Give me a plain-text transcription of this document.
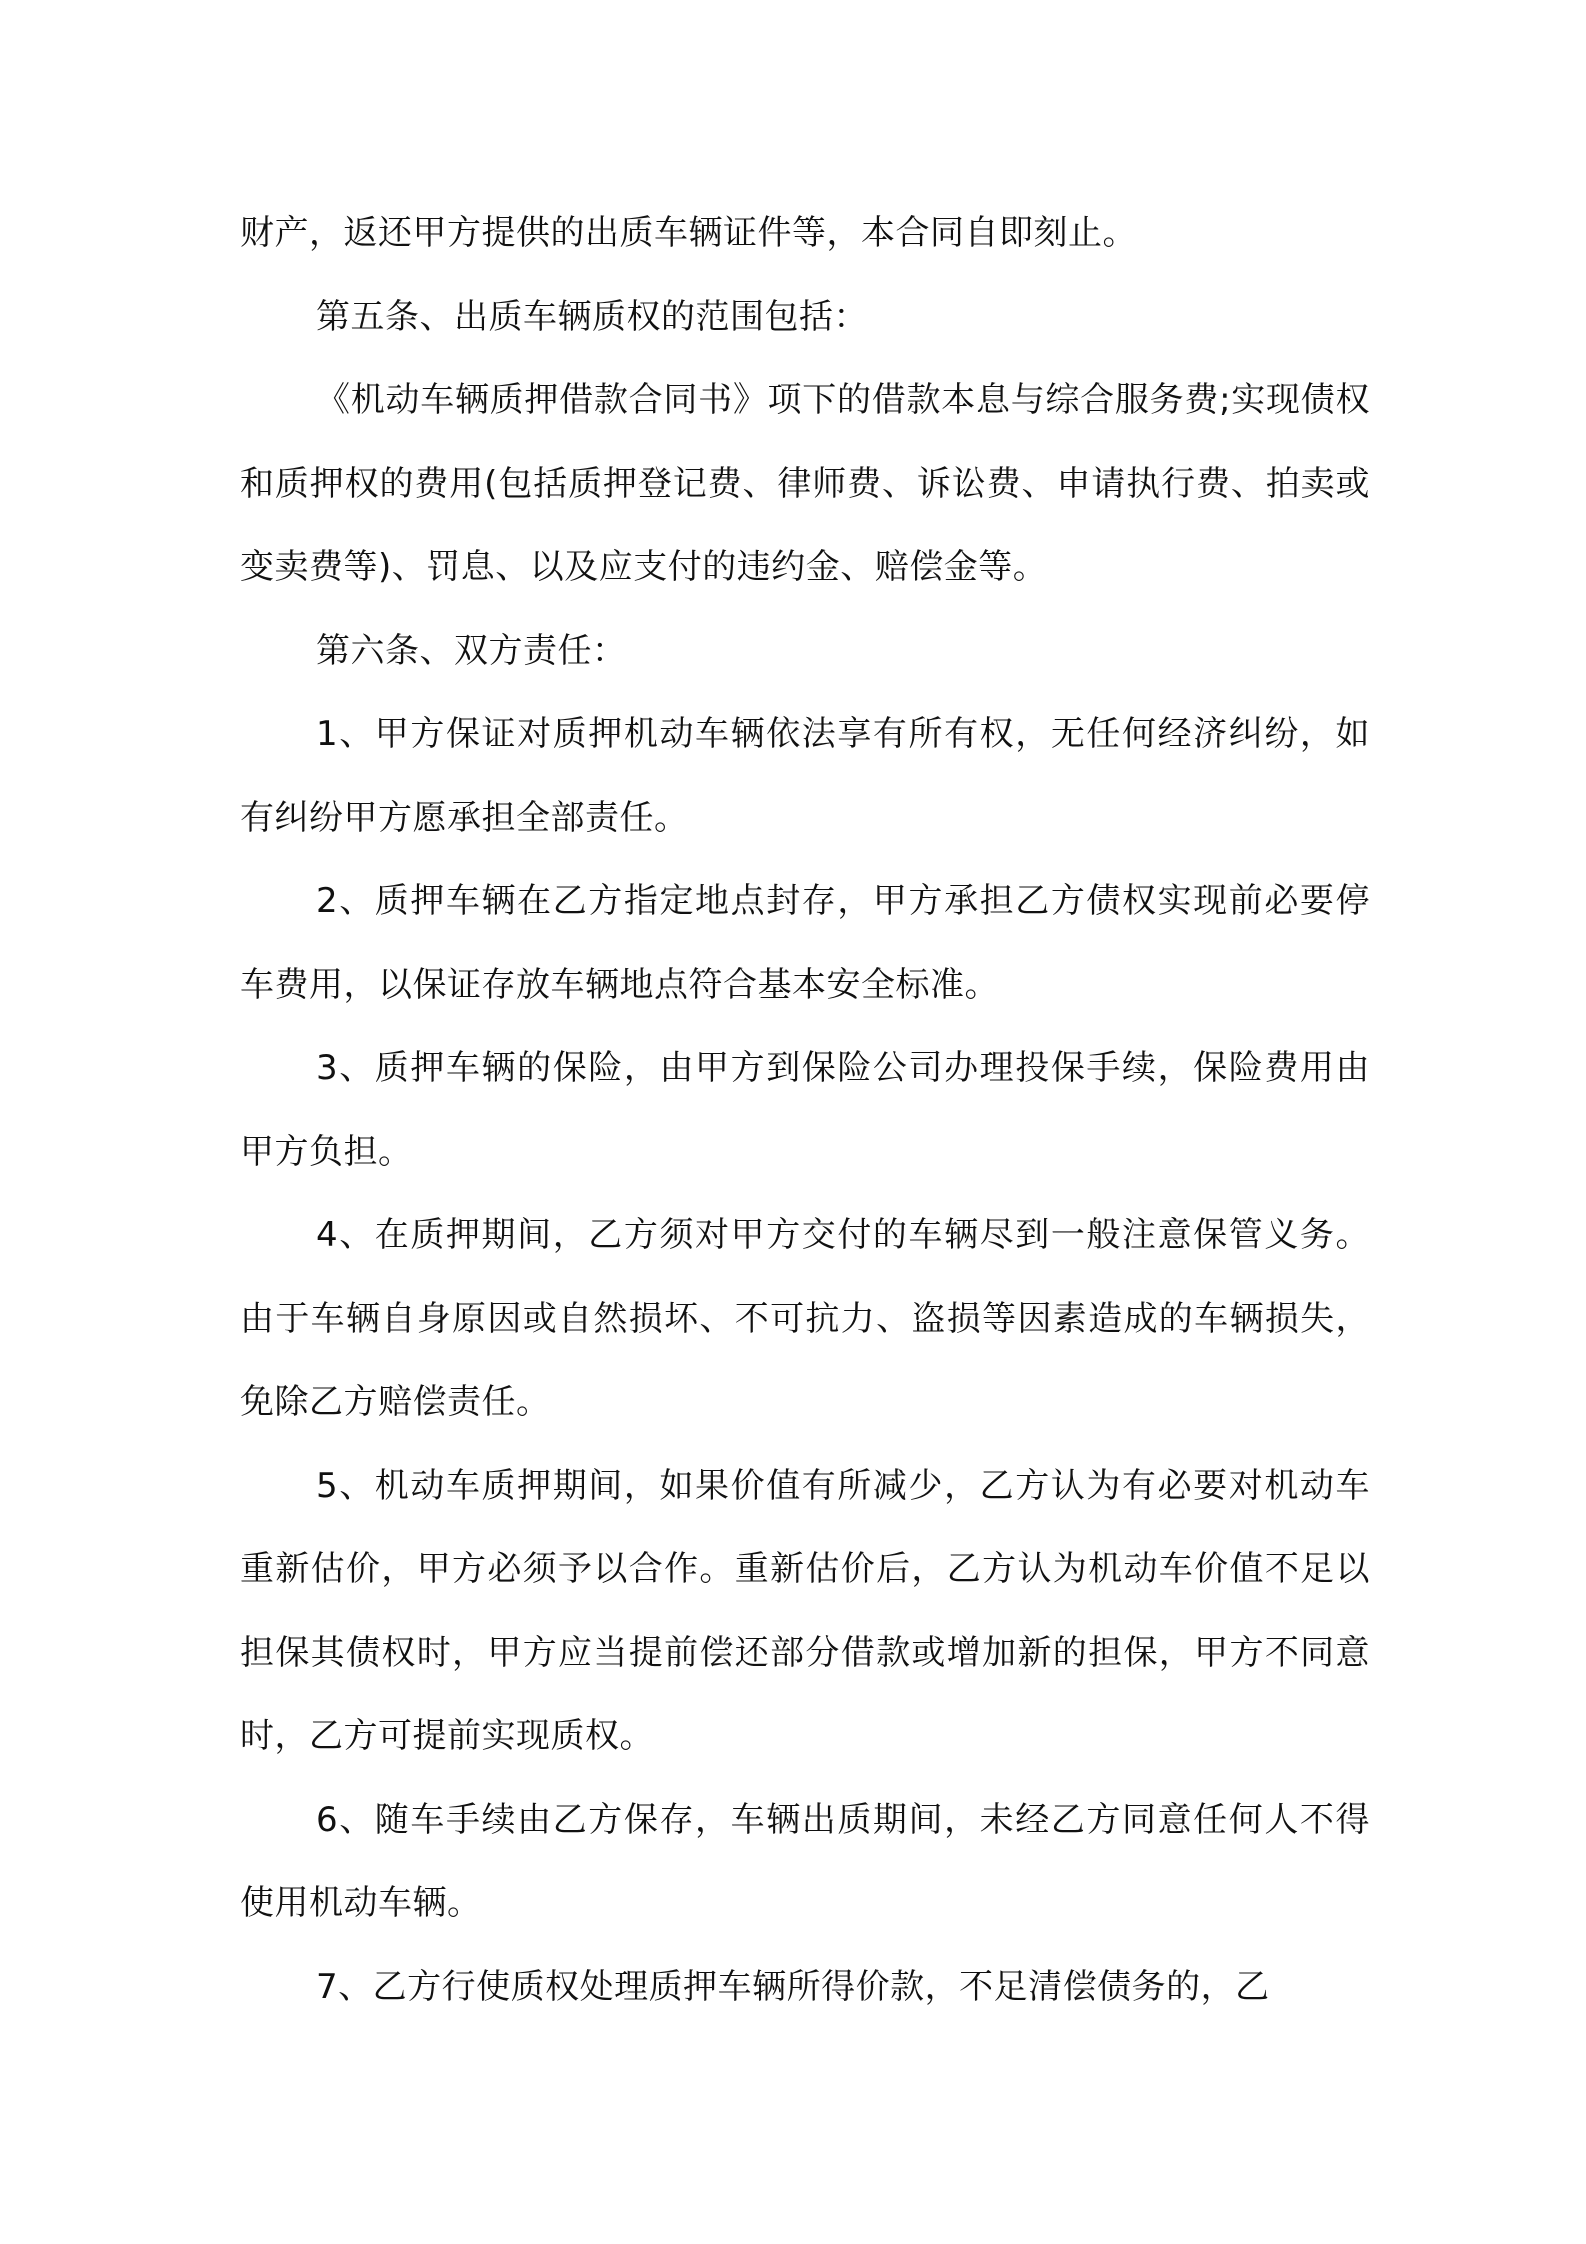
财产，返还甲方提供的出质车辆证件等，本合同自即刻止。

第五条、出质车辆质权的范围包括：

《机动车辆质押借款合同书》项下的借款本息与综合服务费;实现债权和质押权的费用(包括质押登记费、律师费、诉讼费、申请执行费、拍卖或变卖费等)、罚息、以及应支付的违约金、赔偿金等。

第六条、双方责任：

1、甲方保证对质押机动车辆依法享有所有权，无任何经济纠纷，如有纠纷甲方愿承担全部责任。

2、质押车辆在乙方指定地点封存，甲方承担乙方债权实现前必要停车费用，以保证存放车辆地点符合基本安全标准。

3、质押车辆的保险，由甲方到保险公司办理投保手续，保险费用由甲方负担。

4、在质押期间，乙方须对甲方交付的车辆尽到一般注意保管义务。由于车辆自身原因或自然损坏、不可抗力、盗损等因素造成的车辆损失，免除乙方赔偿责任。

5、机动车质押期间，如果价值有所减少，乙方认为有必要对机动车重新估价，甲方必须予以合作。重新估价后，乙方认为机动车价值不足以担保其债权时，甲方应当提前偿还部分借款或增加新的担保，甲方不同意时，乙方可提前实现质权。

6、随车手续由乙方保存，车辆出质期间，未经乙方同意任何人不得使用机动车辆。

7、乙方行使质权处理质押车辆所得价款，不足清偿债务的，乙
